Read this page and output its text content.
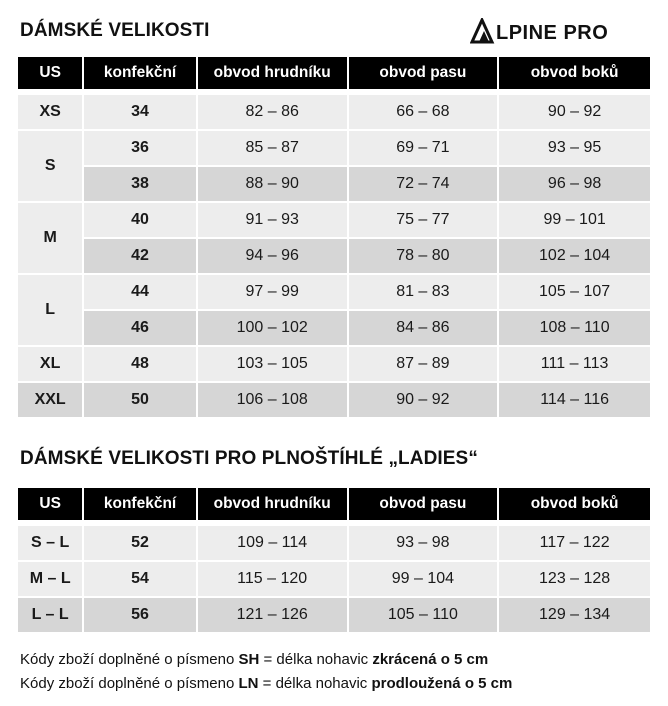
DÁMSKÉ VELIKOSTI	LPINE PRO
US	konfekční	obvod hrudníku	obvod pasu	obvod boků
XS	34	82 – 86	66 – 68	90 – 92
S	36	85 – 87	69 – 71	93 – 95
	38	88 – 90	72 – 74	96 – 98
M	40	91 – 93	75 – 77	99 – 101
	42	94 – 96	78 – 80	102 – 104
L	44	97 – 99	81 – 83	105 – 107
	46	100 – 102	84 – 86	108 – 110
XL	48	103 – 105	87 – 89	111 – 113
XXL	50	106 – 108	90 – 92	114 – 116
DÁMSKÉ VELIKOSTI PRO PLNOŠTÍHLÉ „LADIES“
US	konfekční	obvod hrudníku	obvod pasu	obvod boků
S – L	52	109 – 114	93 – 98	117 – 122
M – L	54	115 – 120	99 – 104	123 – 128
L – L	56	121 – 126	105 – 110	129 – 134
Kódy zboží doplněné o písmeno SH = délka nohavic zkrácená o 5 cm
Kódy zboží doplněné o písmeno LN = délka nohavic prodloužená o 5 cm
